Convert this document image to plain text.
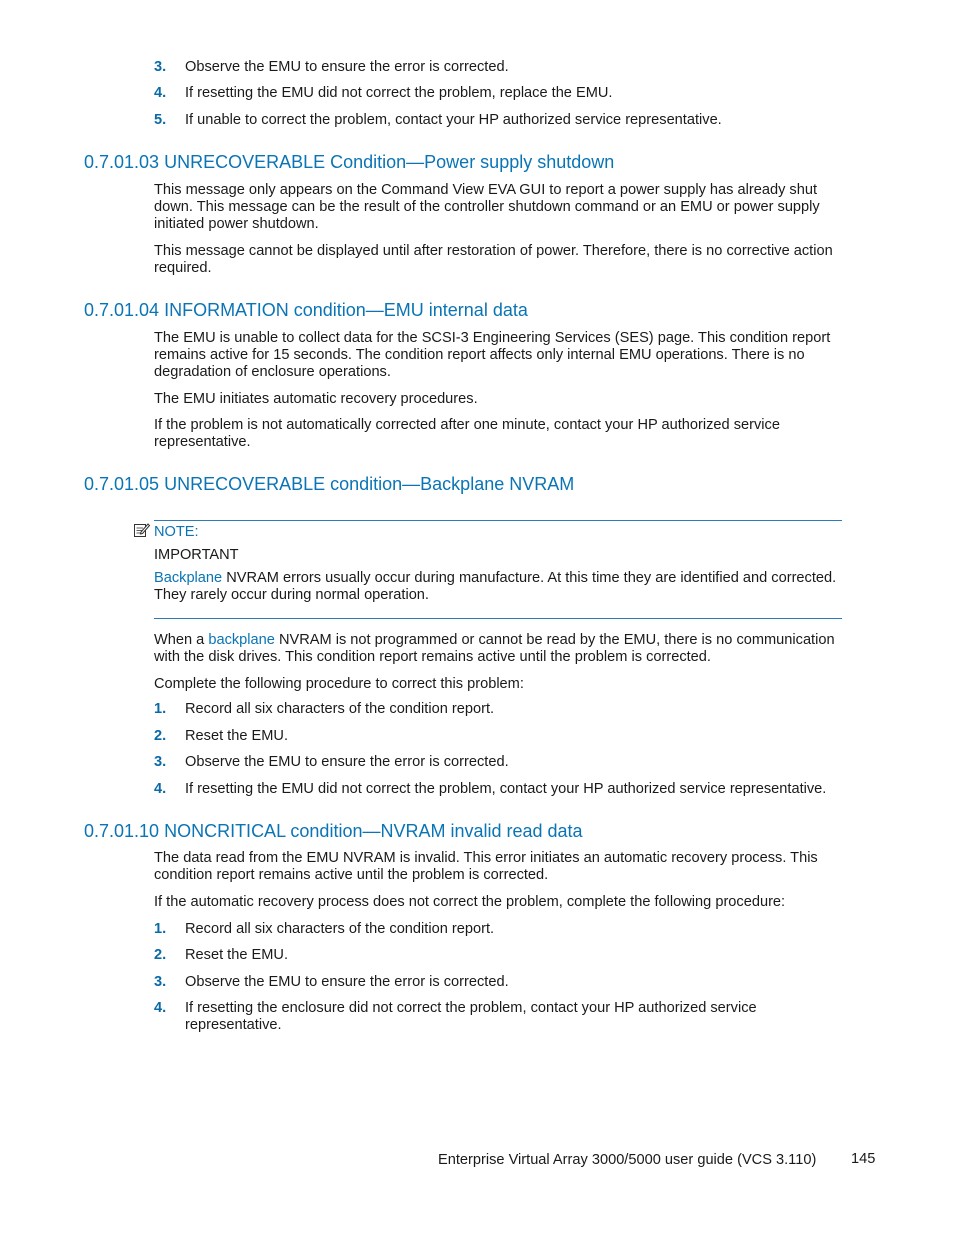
3. Observe the EMU to ensure the error is corrected.
4. If resetting the EMU did not correct the problem, replace the EMU.
5. If unable to correct the problem, contact your HP authorized service representative.
0.7.01.03 UNRECOVERABLE Condition—Power supply shutdown
This message only appears on the Command View EVA GUI to report a power supply has already shut down. This message can be the result of the controller shutdown command or an EMU or power supply initiated power shutdown.
This message cannot be displayed until after restoration of power. Therefore, there is no corrective action required.
0.7.01.04 INFORMATION condition—EMU internal data
The EMU is unable to collect data for the SCSI-3 Engineering Services (SES) page. This condition report remains active for 15 seconds. The condition report affects only internal EMU operations. There is no degradation of enclosure operations.
The EMU initiates automatic recovery procedures.
If the problem is not automatically corrected after one minute, contact your HP authorized service representative.
0.7.01.05 UNRECOVERABLE condition—Backplane NVRAM
NOTE:
IMPORTANT
Backplane NVRAM errors usually occur during manufacture. At this time they are identified and corrected. They rarely occur during normal operation.
When a backplane NVRAM is not programmed or cannot be read by the EMU, there is no communication with the disk drives. This condition report remains active until the problem is corrected.
Complete the following procedure to correct this problem:
1. Record all six characters of the condition report.
2. Reset the EMU.
3. Observe the EMU to ensure the error is corrected.
4. If resetting the EMU did not correct the problem, contact your HP authorized service representative.
0.7.01.10 NONCRITICAL condition—NVRAM invalid read data
The data read from the EMU NVRAM is invalid. This error initiates an automatic recovery process. This condition report remains active until the problem is corrected.
If the automatic recovery process does not correct the problem, complete the following procedure:
1. Record all six characters of the condition report.
2. Reset the EMU.
3. Observe the EMU to ensure the error is corrected.
4. If resetting the enclosure did not correct the problem, contact your HP authorized service representative.
Enterprise Virtual Array 3000/5000 user guide (VCS 3.110) 145
